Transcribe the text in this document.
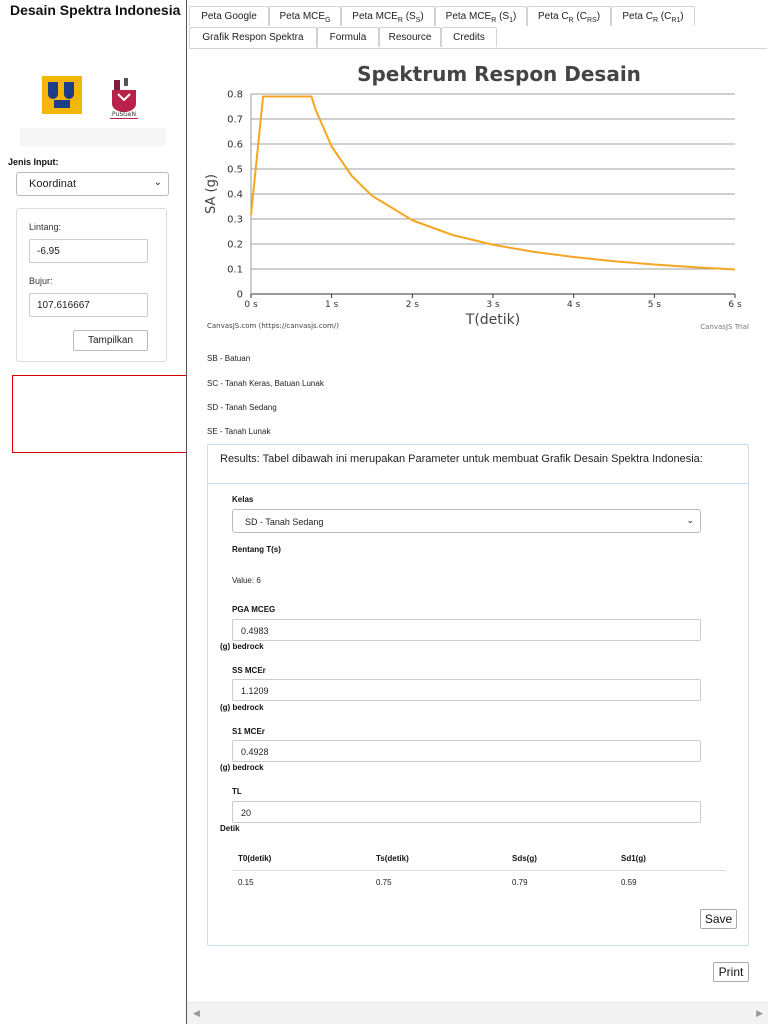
Desain Spektra Indonesia
PuSGeN
Jenis Input:
Koordinat	⌄
Lintang:
-6.95
Bujur:
107.616667
Tampilkan
Peta Google	Peta $MCE_G$	Peta $MCE_R$ $(S_S)$	Peta $MCE_R$ $(S_1)$	Peta $C_R$ $(C_{RS})$	Peta $C_R$ $(C_{R1})$
Grafik Respon Spektra	Formula	Resource	Credits
Spektrum Respon Desain
0
0.1
0.2
0.3
0.4
0.5
0.6
0.7
0.8
0 s	1 s	2 s	3 s	4 s	5 s	6 s
T(detik)
SA (g)
CanvasJS.com (https://canvasjs.com/)	CanvasJS Trial
SB - Batuan
SC - Tanah Keras, Batuan Lunak
SD - Tanah Sedang
SE - Tanah Lunak
Results: Tabel dibawah ini merupakan Parameter untuk membuat Grafik Desain Spektra Indonesia:
Kelas
SD - Tanah Sedang	⌄
Rentang T(s)
Value: 6
PGA MCEG
0.4983
(g) bedrock
SS MCEr
1.1209
(g) bedrock
S1 MCEr
0.4928
(g) bedrock
TL
20
Detik
T0(detik)	Ts(detik)	Sds(g)	Sd1(g)
0.15	0.75	0.79	0.59
Save
Print
◀	▶
